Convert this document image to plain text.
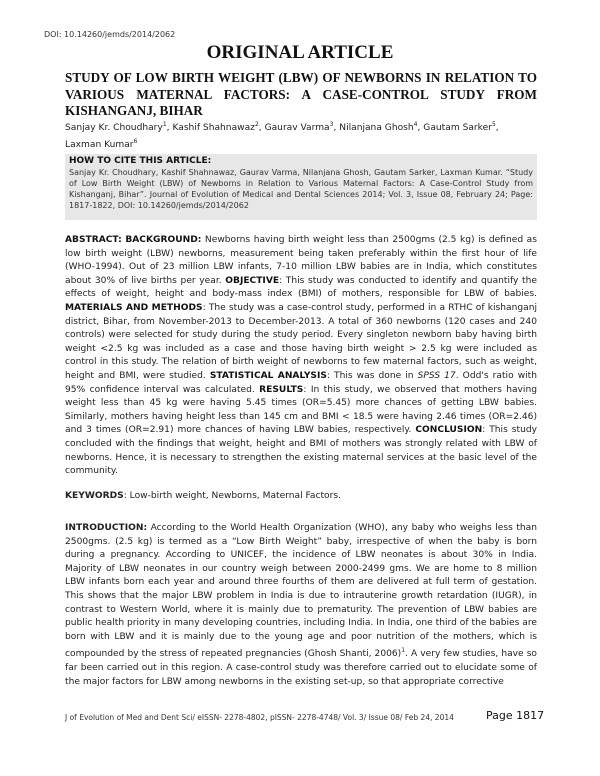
DOI: 10.14260/jemds/2014/2062
ORIGINAL ARTICLE
STUDY OF LOW BIRTH WEIGHT (LBW) OF NEWBORNS IN RELATION TO VARIOUS MATERNAL FACTORS: A CASE-CONTROL STUDY FROM KISHANGANJ, BIHAR
Sanjay Kr. Choudhary$^1$, Kashif Shahnawaz$^2$, Gaurav Varma$^3$, Nilanjana Ghosh$^4$, Gautam Sarker$^5$,
Laxman Kumar$^6$
HOW TO CITE THIS ARTICLE:
Sanjay Kr. Choudhary, Kashif Shahnawaz, Gaurav Varma, Nilanjana Ghosh, Gautam Sarker, Laxman Kumar. “Study of Low Birth Weight (LBW) of Newborns in Relation to Various Maternal Factors: A Case-Control Study from Kishanganj, Bihar”. Journal of Evolution of Medical and Dental Sciences 2014; Vol. 3, Issue 08, February 24; Page: 1817-1822, DOI: 10.14260/jemds/2014/2062
ABSTRACT: BACKGROUND: Newborns having birth weight less than 2500gms (2.5 kg) is defined as low birth weight (LBW) newborns, measurement being taken preferably within the first hour of life (WHO-1994). Out of 23 million LBW infants, 7-10 million LBW babies are in India, which constitutes about 30% of live births per year. OBJECTIVE: This study was conducted to identify and quantify the effects of weight, height and body-mass index (BMI) of mothers, responsible for LBW of babies. MATERIALS AND METHODS: The study was a case-control study, performed in a RTHC of kishanganj district, Bihar, from November-2013 to December-2013. A total of 360 newborns (120 cases and 240 controls) were selected for study during the study period. Every singleton newborn baby having birth weight <2.5 kg was included as a case and those having birth weight > 2.5 kg were included as control in this study. The relation of birth weight of newborns to few maternal factors, such as weight, height and BMI, were studied. STATISTICAL ANALYSIS: This was done in SPSS 17. Odd's ratio with 95% confidence interval was calculated. RESULTS: In this study, we observed that mothers having weight less than 45 kg were having 5.45 times (OR=5.45) more chances of getting LBW babies. Similarly, mothers having height less than 145 cm and BMI < 18.5 were having 2.46 times (OR=2.46) and 3 times (OR=2.91) more chances of having LBW babies, respectively. CONCLUSION: This study concluded with the findings that weight, height and BMI of mothers was strongly related with LBW of newborns. Hence, it is necessary to strengthen the existing maternal services at the basic level of the community.
KEYWORDS: Low-birth weight, Newborns, Maternal Factors.
INTRODUCTION: According to the World Health Organization (WHO), any baby who weighs less than 2500gms. (2.5 kg) is termed as a “Low Birth Weight” baby, irrespective of when the baby is born during a pregnancy. According to UNICEF, the incidence of LBW neonates is about 30% in India. Majority of LBW neonates in our country weigh between 2000-2499 gms. We are home to 8 million LBW infants born each year and around three fourths of them are delivered at full term of gestation. This shows that the major LBW problem in India is due to intrauterine growth retardation (IUGR), in contrast to Western World, where it is mainly due to prematurity. The prevention of LBW babies are public health priority in many developing countries, including India. In India, one third of the babies are born with LBW and it is mainly due to the young age and poor nutrition of the mothers, which is compounded by the stress of repeated pregnancies (Ghosh Shanti, 2006)$^1$. A very few studies, have so far been carried out in this region. A case-control study was therefore carried out to elucidate some of the major factors for LBW among newborns in the existing set-up, so that appropriate corrective
J of Evolution of Med and Dent Sci/ eISSN- 2278-4802, pISSN- 2278-4748/ Vol. 3/ Issue 08/ Feb 24, 2014	Page 1817
